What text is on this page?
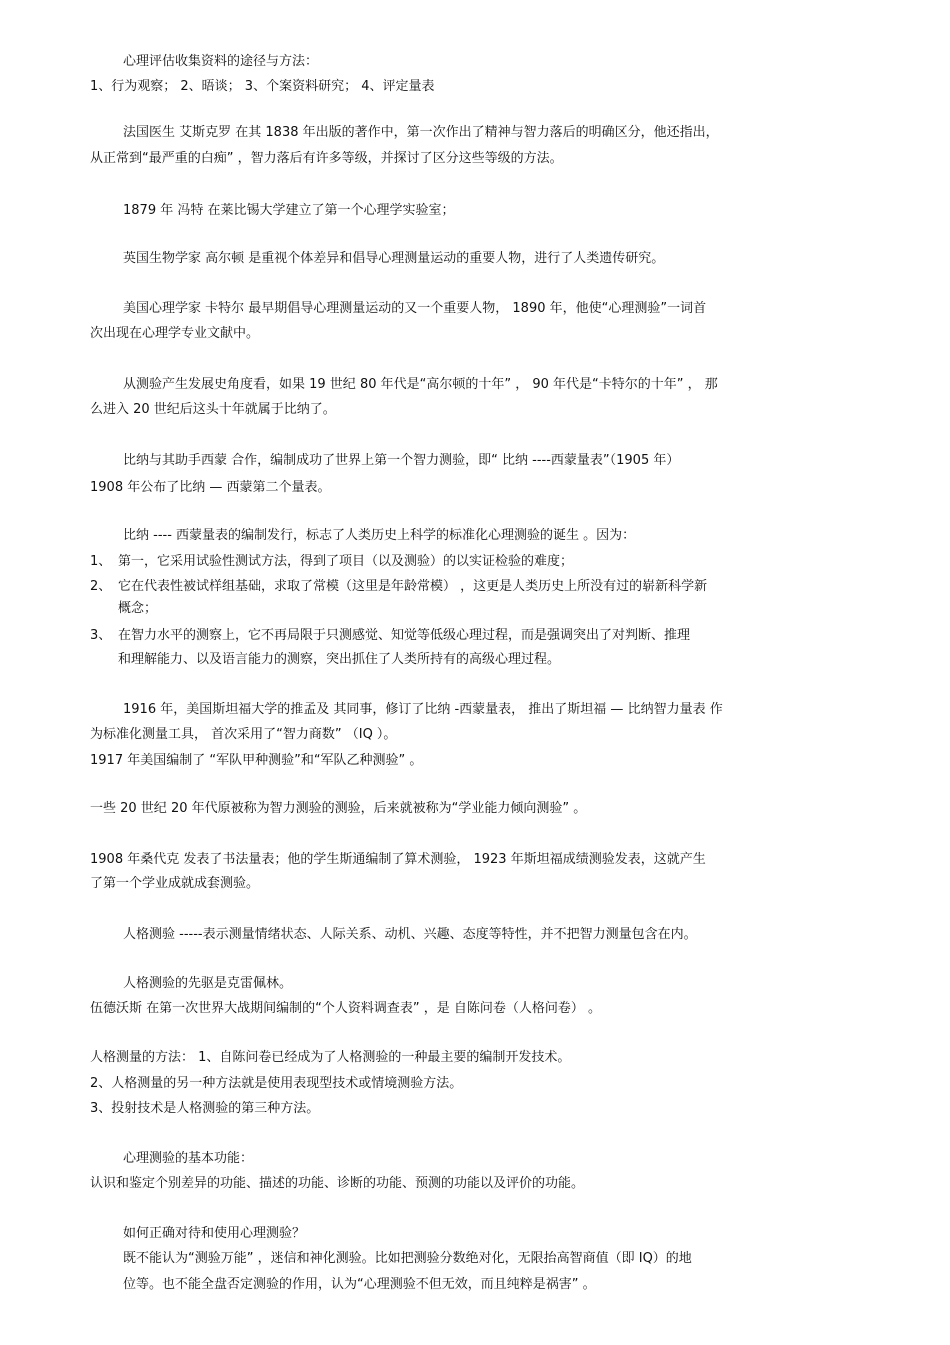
心理评估收集资料的途径与方法：
1、行为观察； 2、晤谈； 3、个案资料研究； 4、评定量表
法国医生 艾斯克罗 在其 1838 年出版的著作中，第一次作出了精神与智力落后的明确区分，他还指出，
从正常到“最严重的白痴” ，智力落后有许多等级，并探讨了区分这些等级的方法。
1879 年 冯特 在莱比锡大学建立了第一个心理学实验室；
英国生物学家 高尔顿 是重视个体差异和倡导心理测量运动的重要人物，进行了人类遗传研究。
美国心理学家 卡特尔 最早期倡导心理测量运动的又一个重要人物， 1890 年，他使“心理测验”一词首
次出现在心理学专业文献中。
从测验产生发展史角度看，如果 19 世纪 80 年代是“高尔顿的十年” ， 90 年代是“卡特尔的十年” ， 那
么进入 20 世纪后这头十年就属于比纳了。
比纳与其助手西蒙 合作，编制成功了世界上第一个智力测验，即“ 比纳 ----西蒙量表”（1905 年）
1908 年公布了比纳 — 西蒙第二个量表。
比纳 ---- 西蒙量表的编制发行，标志了人类历史上科学的标准化心理测验的诞生 。因为：
1、 第一，它采用试验性测试方法，得到了项目（以及测验）的以实证检验的难度；
2、 它在代表性被试样组基础，求取了常模（这里是年龄常模） ，这更是人类历史上所没有过的崭新科学新
概念；
3、 在智力水平的测察上，它不再局限于只测感觉、知觉等低级心理过程，而是强调突出了对判断、推理
和理解能力、以及语言能力的测察，突出抓住了人类所持有的高级心理过程。
1916 年，美国斯坦福大学的推孟及 其同事，修订了比纳 -西蒙量表， 推出了斯坦福 — 比纳智力量表 作
为标准化测量工具， 首次采用了“智力商数” （IQ ）。
1917 年美国编制了 “军队甲种测验”和“军队乙种测验” 。
一些 20 世纪 20 年代原被称为智力测验的测验，后来就被称为“学业能力倾向测验” 。
1908 年桑代克 发表了书法量表；他的学生斯通编制了算术测验， 1923 年斯坦福成绩测验发表，这就产生
了第一个学业成就成套测验。
人格测验 -----表示测量情绪状态、人际关系、动机、兴趣、态度等特性，并不把智力测量包含在内。
人格测验的先驱是克雷佩林。
伍德沃斯 在第一次世界大战期间编制的“个人资料调查表” ，是 自陈问卷（人格问卷） 。
人格测量的方法： 1、自陈问卷已经成为了人格测验的一种最主要的编制开发技术。
2、人格测量的另一种方法就是使用表现型技术或情境测验方法。
3、投射技术是人格测验的第三种方法。
心理测验的基本功能：
认识和鉴定个别差异的功能、描述的功能、诊断的功能、预测的功能以及评价的功能。
如何正确对待和使用心理测验？
既不能认为“测验万能” ，迷信和神化测验。比如把测验分数绝对化，无限抬高智商值（即 IQ）的地
位等。也不能全盘否定测验的作用，认为“心理测验不但无效，而且纯粹是祸害” 。
